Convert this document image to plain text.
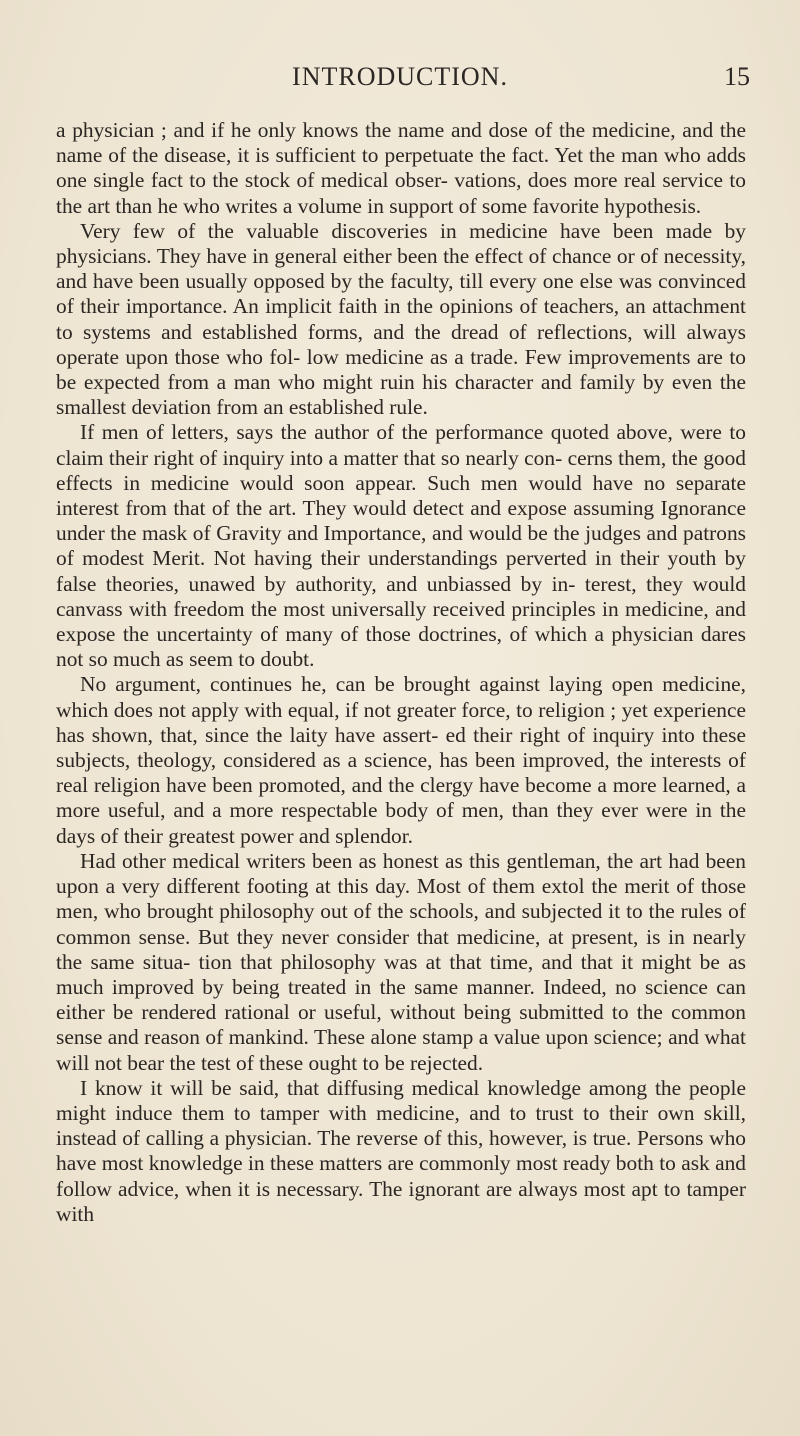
INTRODUCTION.	15

a physician ; and if he only knows the name and dose of the medicine, and the name of the disease, it is sufficient to perpetuate the fact. Yet the man who adds one single fact to the stock of medical obser- vations, does more real service to the art than he who writes a volume in support of some favorite hypothesis.

Very few of the valuable discoveries in medicine have been made by physicians. They have in general either been the effect of chance or of necessity, and have been usually opposed by the faculty, till every one else was convinced of their importance. An implicit faith in the opinions of teachers, an attachment to systems and established forms, and the dread of reflections, will always operate upon those who fol- low medicine as a trade. Few improvements are to be expected from a man who might ruin his character and family by even the smallest deviation from an established rule.

If men of letters, says the author of the performance quoted above, were to claim their right of inquiry into a matter that so nearly con- cerns them, the good effects in medicine would soon appear. Such men would have no separate interest from that of the art. They would detect and expose assuming Ignorance under the mask of Gravity and Importance, and would be the judges and patrons of modest Merit. Not having their understandings perverted in their youth by false theories, unawed by authority, and unbiassed by in- terest, they would canvass with freedom the most universally received principles in medicine, and expose the uncertainty of many of those doctrines, of which a physician dares not so much as seem to doubt.

No argument, continues he, can be brought against laying open medicine, which does not apply with equal, if not greater force, to religion ; yet experience has shown, that, since the laity have assert- ed their right of inquiry into these subjects, theology, considered as a science, has been improved, the interests of real religion have been promoted, and the clergy have become a more learned, a more useful, and a more respectable body of men, than they ever were in the days of their greatest power and splendor.

Had other medical writers been as honest as this gentleman, the art had been upon a very different footing at this day. Most of them extol the merit of those men, who brought philosophy out of the schools, and subjected it to the rules of common sense. But they never consider that medicine, at present, is in nearly the same situa- tion that philosophy was at that time, and that it might be as much improved by being treated in the same manner. Indeed, no science can either be rendered rational or useful, without being submitted to the common sense and reason of mankind. These alone stamp a value upon science; and what will not bear the test of these ought to be rejected.

I know it will be said, that diffusing medical knowledge among the people might induce them to tamper with medicine, and to trust to their own skill, instead of calling a physician. The reverse of this, however, is true. Persons who have most knowledge in these matters are commonly most ready both to ask and follow advice, when it is necessary. The ignorant are always most apt to tamper with
